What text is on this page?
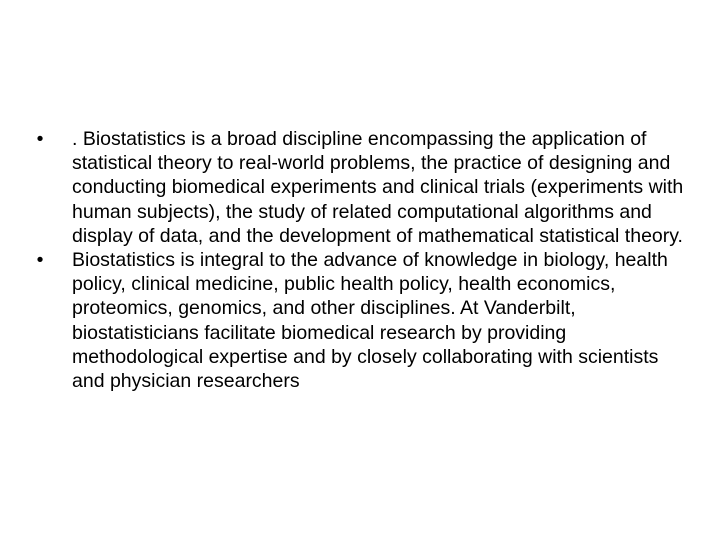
•	. Biostatistics is a broad discipline encompassing the application of statistical theory to real-world problems, the practice of designing and conducting biomedical experiments and clinical trials (experiments with human subjects), the study of related computational algorithms and display of data, and the development of mathematical statistical theory.
•	Biostatistics is integral to the advance of knowledge in biology, health policy, clinical medicine, public health policy, health economics, proteomics, genomics, and other disciplines. At Vanderbilt, biostatisticians facilitate biomedical research by providing methodological expertise and by closely collaborating with scientists and physician researchers
